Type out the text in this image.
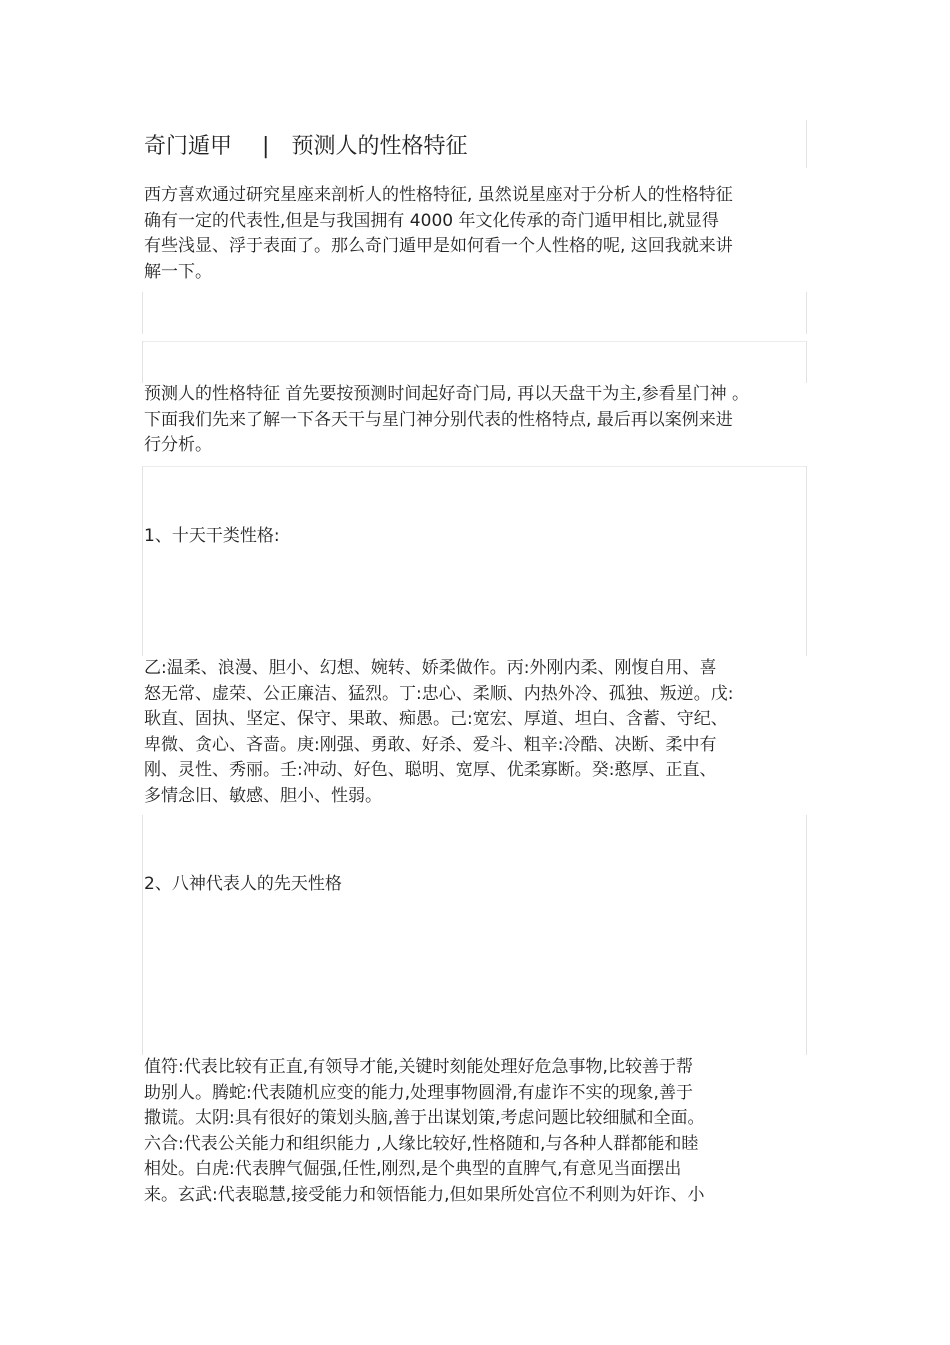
奇门遁甲 | 预测人的性格特征
西方喜欢通过研究星座来剖析人的性格特征, 虽然说星座对于分析人的性格特征
确有一定的代表性,但是与我国拥有 4000 年文化传承的奇门遁甲相比,就显得
有些浅显、浮于表面了。那么奇门遁甲是如何看一个人性格的呢, 这回我就来讲
解一下。
预测人的性格特征 首先要按预测时间起好奇门局, 再以天盘干为主,参看星门神 。
下面我们先来了解一下各天干与星门神分别代表的性格特点, 最后再以案例来进
行分析。
1、十天干类性格:
乙:温柔、浪漫、胆小、幻想、婉转、娇柔做作。丙:外刚内柔、刚愎自用、喜
怒无常、虚荣、公正廉洁、猛烈。丁:忠心、柔顺、内热外冷、孤独、叛逆。戊:
耿直、固执、坚定、保守、果敢、痴愚。己:宽宏、厚道、坦白、含蓄、守纪、
卑微、贪心、吝啬。庚:刚强、勇敢、好杀、爱斗、粗辛:冷酷、决断、柔中有
刚、灵性、秀丽。壬:冲动、好色、聪明、宽厚、优柔寡断。癸:憨厚、正直、
多情念旧、敏感、胆小、性弱。
2、八神代表人的先天性格
值符:代表比较有正直,有领导才能,关键时刻能处理好危急事物,比较善于帮
助别人。腾蛇:代表随机应变的能力,处理事物圆滑,有虚诈不实的现象,善于
撒谎。太阴:具有很好的策划头脑,善于出谋划策,考虑问题比较细腻和全面。
六合:代表公关能力和组织能力 ,人缘比较好,性格随和,与各种人群都能和睦
相处。白虎:代表脾气倔强,任性,刚烈,是个典型的直脾气,有意见当面摆出
来。玄武:代表聪慧,接受能力和领悟能力,但如果所处宫位不利则为奸诈、小
